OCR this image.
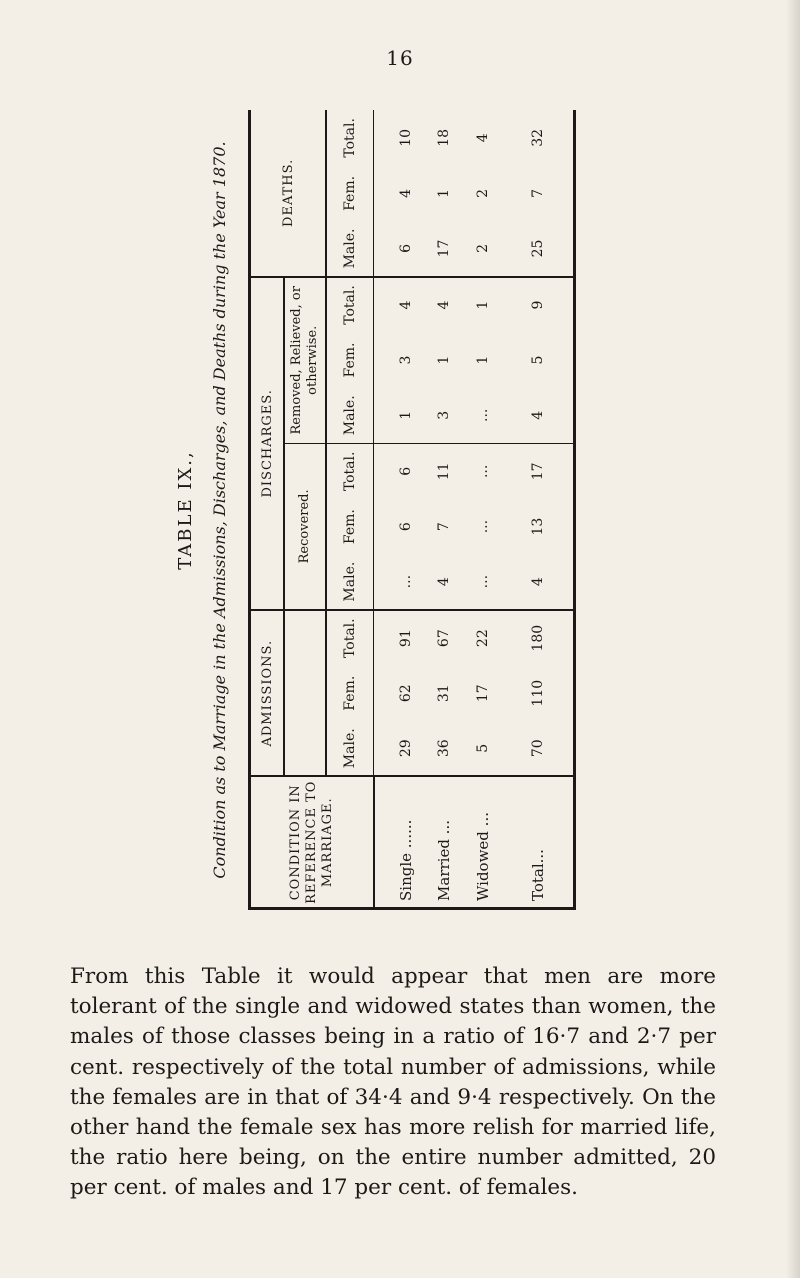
16
TABLE IX., Condition as to Marriage in the Admissions, Discharges, and Deaths during the Year 1870.	CONDITION IN REFERENCE TO MARRIAGE.	ADMISSIONS.			DISCHARGES.						DEATHS.		
				Recovered.			Removed, Relieved, or otherwise.					
	Male.	Fem.	Total.	Male.	Fem.	Total.	Male.	Fem.	Total.	Male.	Fem.	Total.

Single ......	29	62	91	...	6	6	1	3	4	6	4	10
Married ...	36	31	67	4	7	11	3	1	4	17	1	18
Widowed ...	5	17	22	...	...	...	...	1	1	2	2	4
Total...	70	110	180	4	13	17	4	5	9	25	7	32

From this Table it would appear that men are more tolerant of the single and widowed states than women, the males of those classes being in a ratio of 16·7 and 2·7 per cent. respectively of the total number of admissions, while the females are in that of 34·4 and 9·4 respectively. On the other hand the female sex has more relish for married life, the ratio here being, on the entire number admitted, 20 per cent. of males and 17 per cent. of females.
